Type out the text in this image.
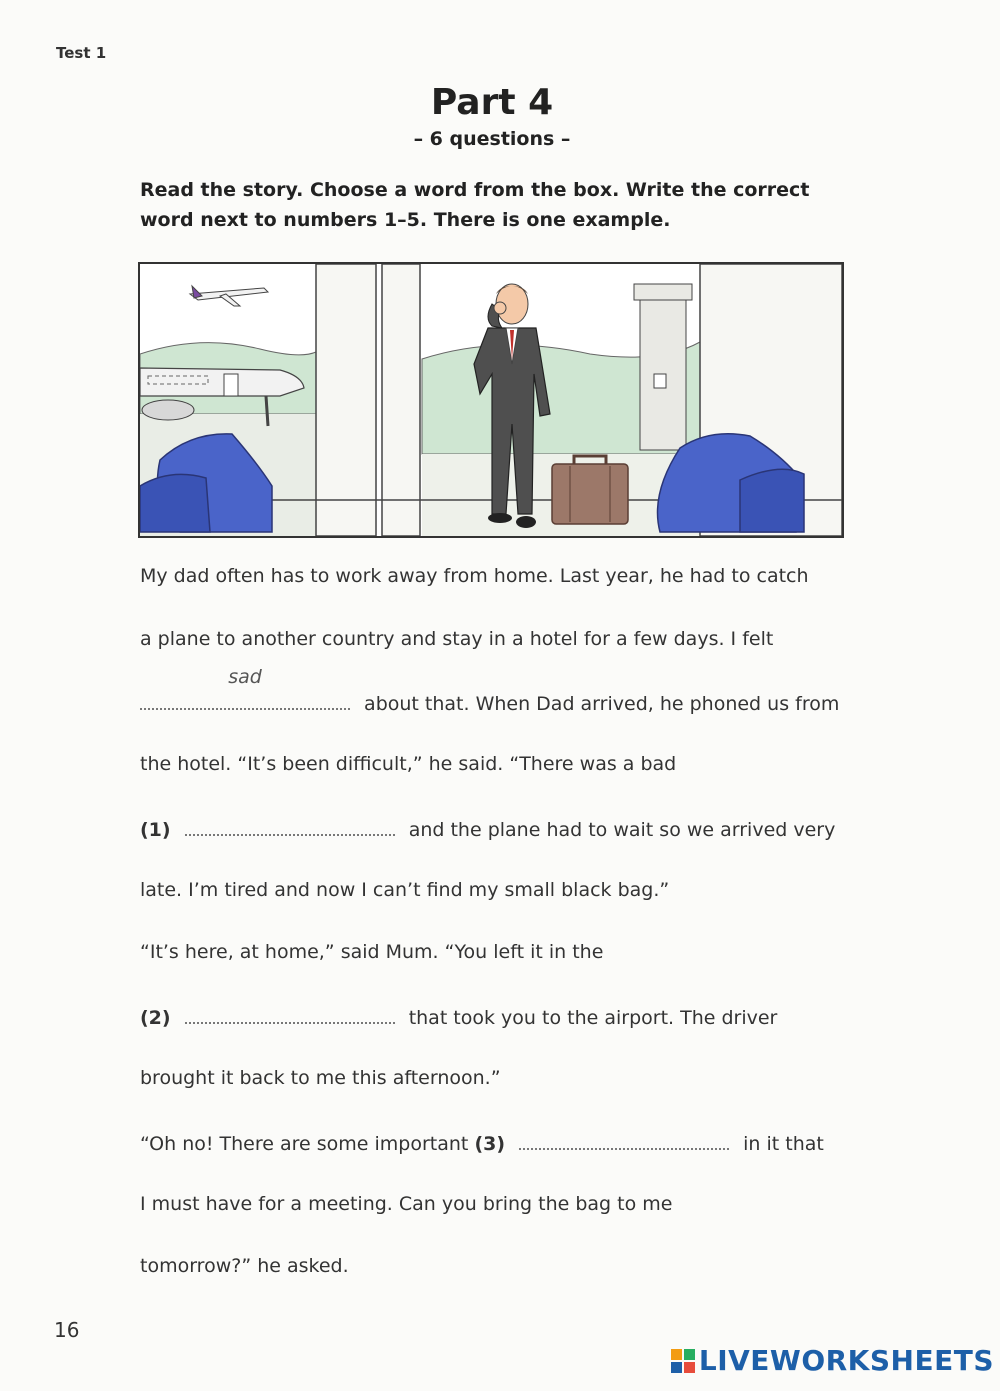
Test 1
Part 4
– 6 questions –
Read the story. Choose a word from the box. Write the correct word next to numbers 1–5. There is one example.
My dad often has to work away from home. Last year, he had to catch
a plane to another country and stay in a hotel for a few days. I felt
sad
about that. When Dad arrived, he phoned us from
the hotel. “It’s been difficult,” he said. “There was a bad
(1)	and the plane had to wait so we arrived very
late. I’m tired and now I can’t find my small black bag.”
“It’s here, at home,” said Mum. “You left it in the
(2)	that took you to the airport. The driver
brought it back to me this afternoon.”
“Oh no! There are some important (3)	in it that
I must have for a meeting. Can you bring the bag to me
tomorrow?” he asked.
16
LIVEWORKSHEETS
